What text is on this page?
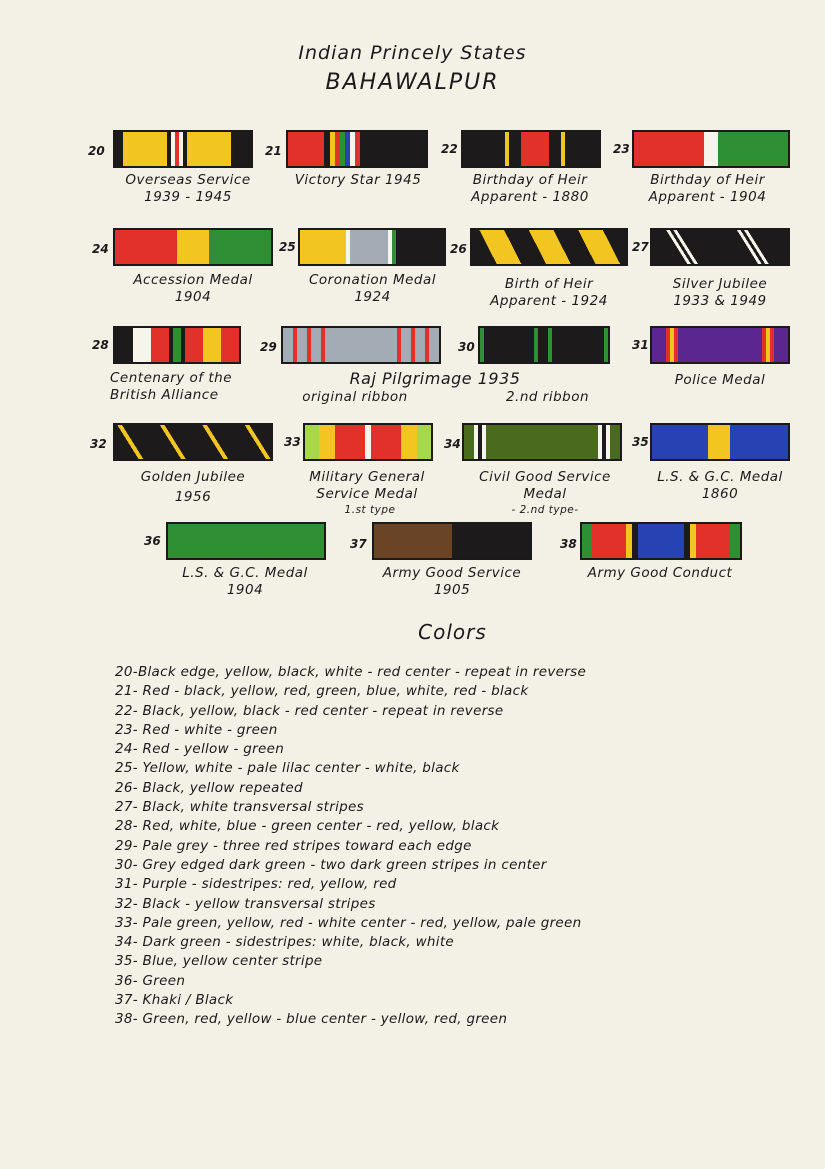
Indian Princely States
BAHAWALPUR
20
Overseas Service
1939 - 1945
21
Victory Star 1945
22
Birthday of Heir
Apparent - 1880
23
Birthday of Heir
Apparent - 1904
24
Accession Medal
1904
25
Coronation Medal
1924
26
Birth of Heir
Apparent - 1924
27
Silver Jubilee
1933 & 1949
28
Centenary of the
British Alliance
29
Raj Pilgrimage 1935
original ribbon
30
2.nd ribbon
31
Police Medal
32
Golden Jubilee
1956
33
Military General
Service Medal
1.st type
34
Civil Good Service
Medal
- 2.nd type-
35
L.S. & G.C. Medal
1860
36
L.S. & G.C. Medal
1904
37
Army Good Service
1905
38
Army Good Conduct
Colors
20-Black edge, yellow, black, white - red center - repeat in reverse
21- Red - black, yellow, red, green, blue, white, red - black
22- Black, yellow, black - red center - repeat in reverse
23- Red - white - green
24- Red - yellow - green
25- Yellow, white - pale lilac center - white, black
26- Black, yellow repeated
27- Black, white transversal stripes
28- Red, white, blue - green center - red, yellow, black
29- Pale grey - three red stripes toward each edge
30- Grey edged dark green - two dark green stripes in center
31- Purple - sidestripes: red, yellow, red
32- Black - yellow transversal stripes
33- Pale green, yellow, red - white center - red, yellow, pale green
34- Dark green - sidestripes: white, black, white
35- Blue, yellow center stripe
36- Green
37- Khaki / Black
38- Green, red, yellow - blue center - yellow, red, green
